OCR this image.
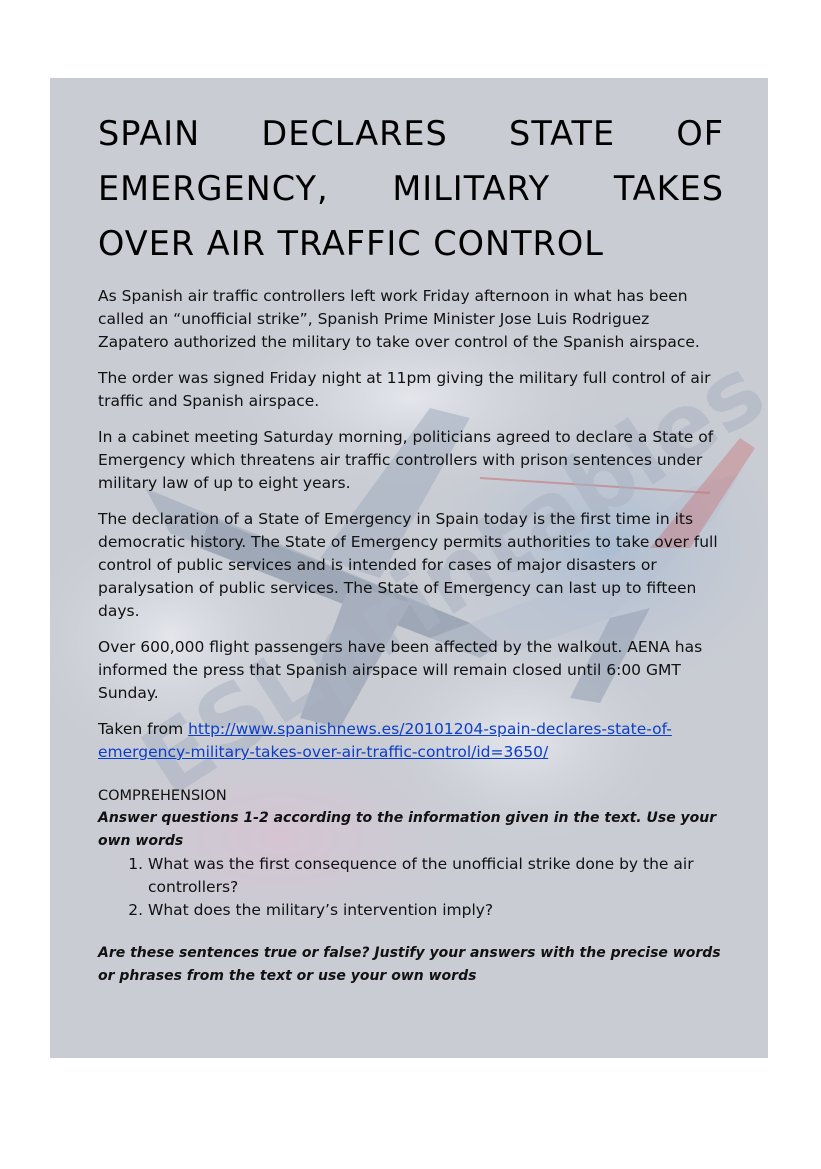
SPAIN DECLARES STATE OF EMERGENCY, MILITARY TAKES OVER AIR TRAFFIC CONTROL

As Spanish air traffic controllers left work Friday afternoon in what has been called an “unofficial strike”, Spanish Prime Minister Jose Luis Rodriguez Zapatero authorized the military to take over control of the Spanish airspace.

The order was signed Friday night at 11pm giving the military full control of air traffic and Spanish airspace.

In a cabinet meeting Saturday morning, politicians agreed to declare a State of Emergency which threatens air traffic controllers with prison sentences under military law of up to eight years.

The declaration of a State of Emergency in Spain today is the first time in its democratic history. The State of Emergency permits authorities to take over full control of public services and is intended for cases of major disasters or paralysation of public services. The State of Emergency can last up to fifteen days.

Over 600,000 flight passengers have been affected by the walkout. AENA has informed the press that Spanish airspace will remain closed until 6:00 GMT Sunday.

Taken from http://www.spanishnews.es/20101204-spain-declares-state-of-emergency-military-takes-over-air-traffic-control/id=3650/

COMPREHENSION

Answer questions 1-2 according to the information given in the text. Use your own words

1. What was the first consequence of the unofficial strike done by the air controllers?
2. What does the military’s intervention imply?

Are these sentences true or false? Justify your answers with the precise words or phrases from the text or use your own words
